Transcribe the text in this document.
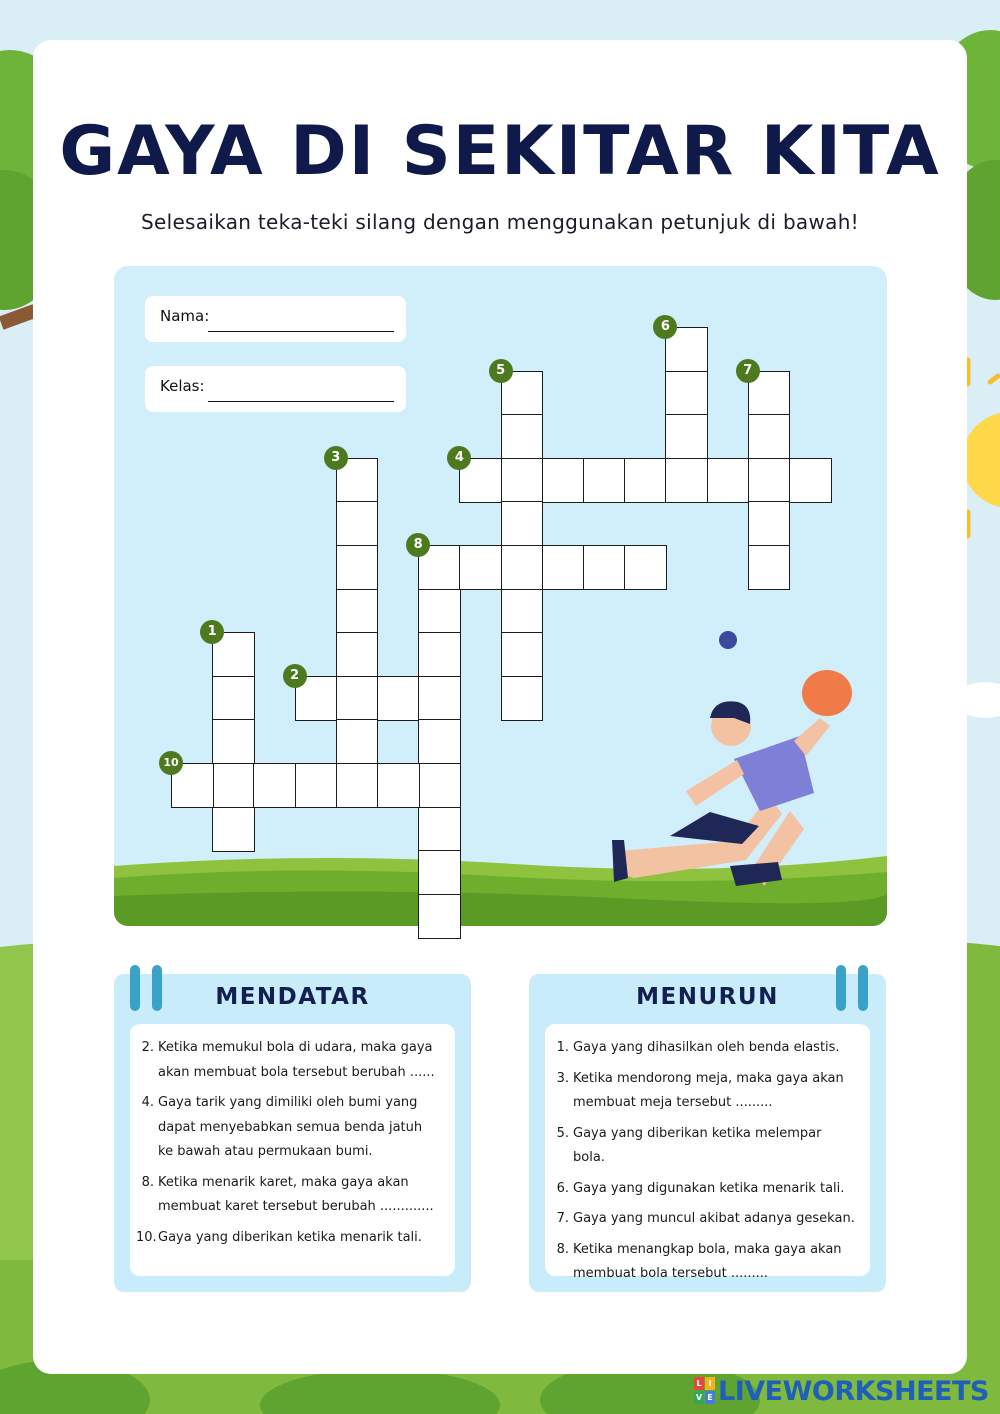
GAYA DI SEKITAR KITA
Selesaikan teka-teki silang dengan menggunakan petunjuk di bawah!
Nama:
Kelas:
1
2
3	4
5
6
7
8
10
MENDATAR
2. Ketika memukul bola di udara, maka gaya akan membuat bola tersebut berubah ......
4. Gaya tarik yang dimiliki oleh bumi yang dapat menyebabkan semua benda jatuh ke bawah atau permukaan bumi.
8. Ketika menarik karet, maka gaya akan membuat karet tersebut berubah .............
10. Gaya yang diberikan ketika menarik tali.
MENURUN
1. Gaya yang dihasilkan oleh benda elastis.
3. Ketika mendorong meja, maka gaya akan membuat meja tersebut .........
5. Gaya yang diberikan ketika melempar bola.
6. Gaya yang digunakan ketika menarik tali.
7. Gaya yang muncul akibat adanya gesekan.
8. Ketika menangkap bola, maka gaya akan membuat bola tersebut .........
L I
V E LIVEWORKSHEETS
